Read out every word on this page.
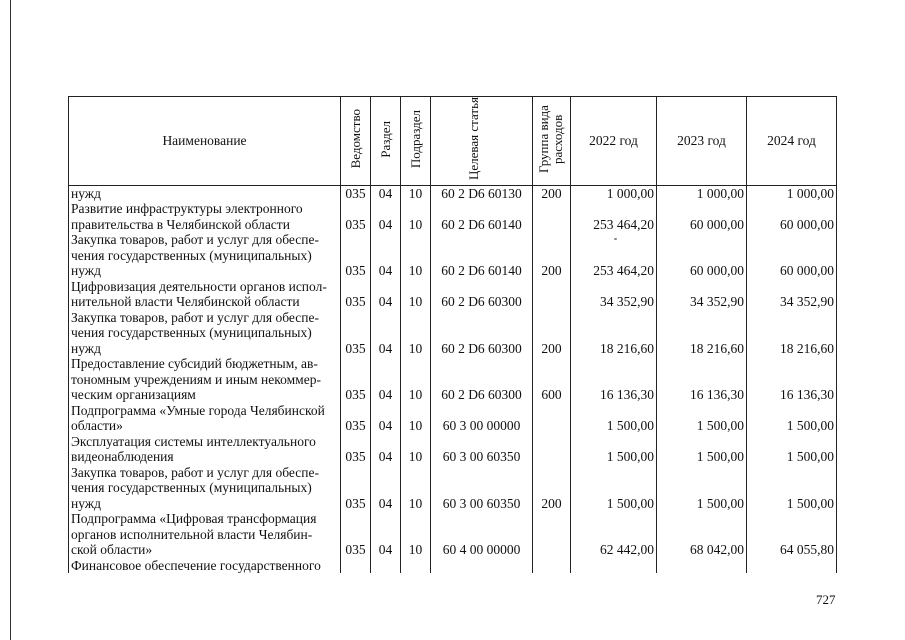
Наименование	Ведомство	Раздел	Подраздел	Целевая статья	Группа вида расходов	2022 год	2023 год	2024 год
нужд	035	04	10	60 2 D6 60130	200	1 000,00	1 000,00	1 000,00
Развитие инфраструктуры электронного
правительства в Челябинской области	035	04	10	60 2 D6 60140		253 464,20	60 000,00	60 000,00
Закупка товаров, работ и услуг для обеспе-
чения государственных (муниципальных)
нужд	035	04	10	60 2 D6 60140	200	253 464,20	60 000,00	60 000,00
Цифровизация деятельности органов испол-
нительной власти Челябинской области	035	04	10	60 2 D6 60300		34 352,90	34 352,90	34 352,90
Закупка товаров, работ и услуг для обеспе-
чения государственных (муниципальных)
нужд	035	04	10	60 2 D6 60300	200	18 216,60	18 216,60	18 216,60
Предоставление субсидий бюджетным, ав-
тономным учреждениям и иным некоммер-
ческим организациям	035	04	10	60 2 D6 60300	600	16 136,30	16 136,30	16 136,30
Подпрограмма «Умные города Челябинской
области»	035	04	10	60 3 00 00000		1 500,00	1 500,00	1 500,00
Эксплуатация системы интеллектуального
видеонаблюдения	035	04	10	60 3 00 60350		1 500,00	1 500,00	1 500,00
Закупка товаров, работ и услуг для обеспе-
чения государственных (муниципальных)
нужд	035	04	10	60 3 00 60350	200	1 500,00	1 500,00	1 500,00
Подпрограмма «Цифровая трансформация
органов исполнительной власти Челябин-
ской области»	035	04	10	60 4 00 00000		62 442,00	68 042,00	64 055,80
Финансовое обеспечение государственного								
727
